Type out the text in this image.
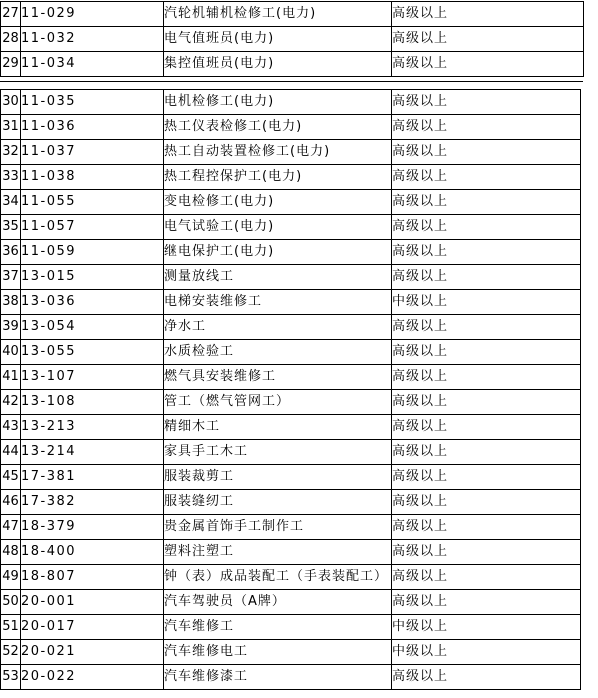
27	11-029	汽轮机辅机检修工(电力)	高级以上
28	11-032	电气值班员(电力)	高级以上
29	11-034	集控值班员(电力)	高级以上
30	11-035	电机检修工(电力)	高级以上
31	11-036	热工仪表检修工(电力)	高级以上
32	11-037	热工自动装置检修工(电力)	高级以上
33	11-038	热工程控保护工(电力)	高级以上
34	11-055	变电检修工(电力)	高级以上
35	11-057	电气试验工(电力)	高级以上
36	11-059	继电保护工(电力)	高级以上
37	13-015	测量放线工	高级以上
38	13-036	电梯安装维修工	中级以上
39	13-054	净水工	高级以上
40	13-055	水质检验工	高级以上
41	13-107	燃气具安装维修工	高级以上
42	13-108	管工（燃气管网工）	高级以上
43	13-213	精细木工	高级以上
44	13-214	家具手工木工	高级以上
45	17-381	服装裁剪工	高级以上
46	17-382	服装缝纫工	高级以上
47	18-379	贵金属首饰手工制作工	高级以上
48	18-400	塑料注塑工	高级以上
49	18-807	钟（表）成品装配工（手表装配工）	高级以上
50	20-001	汽车驾驶员（A牌）	高级以上
51	20-017	汽车维修工	中级以上
52	20-021	汽车维修电工	中级以上
53	20-022	汽车维修漆工	高级以上
